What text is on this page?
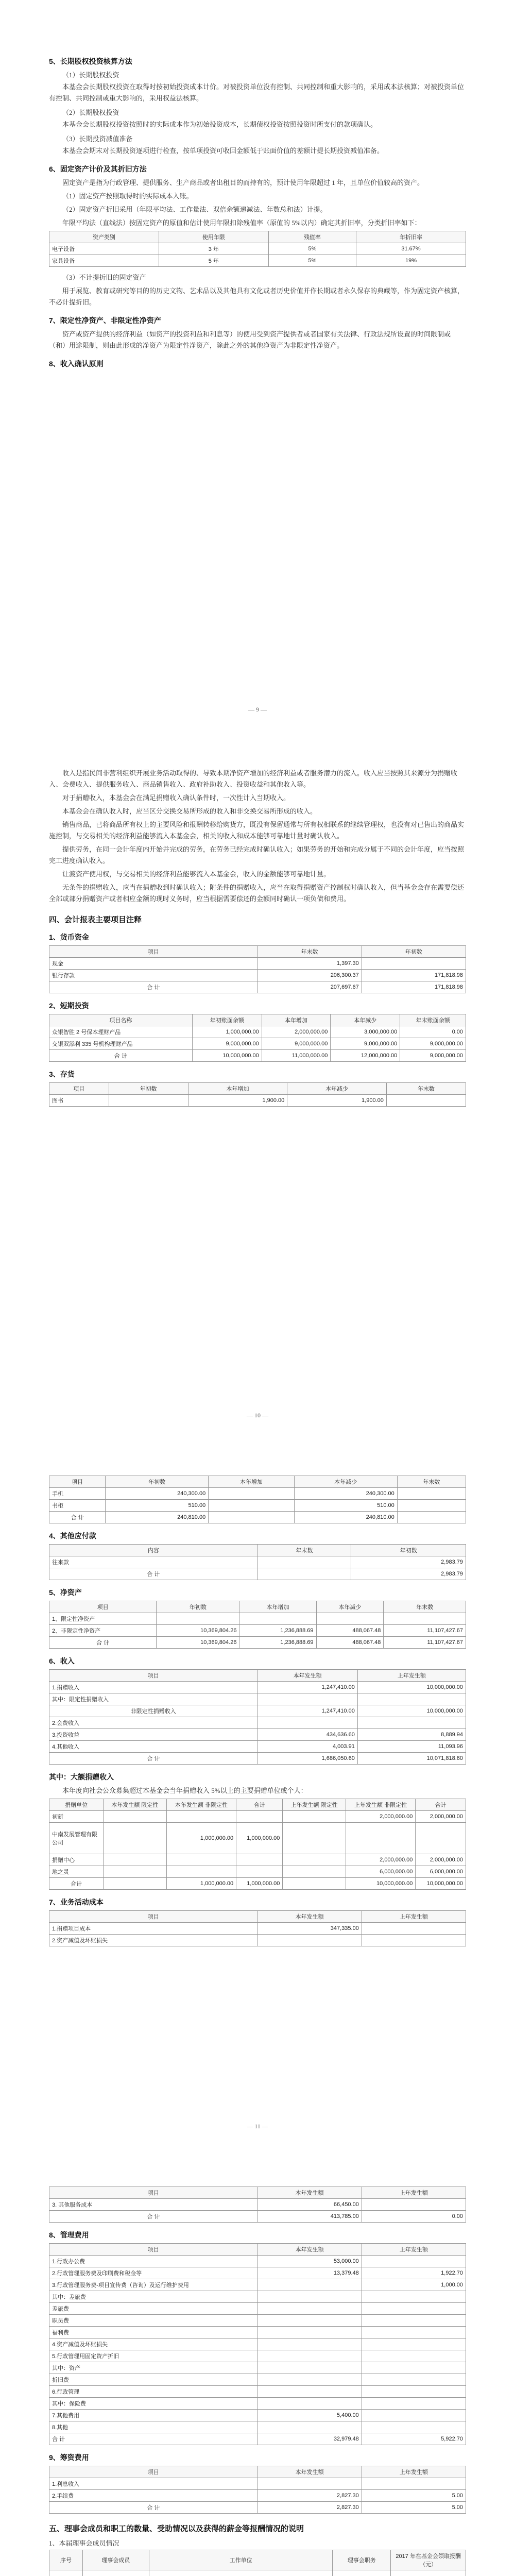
5、长期股权投资核算方法
（1）长期股权投资

本基金会长期股权投资在取得时按初始投资成本计价。对被投资单位没有控制、共同控制和重大影响的，采用成本法核算；对被投资单位有控制、共同控制或重大影响的，采用权益法核算。

（2）长期股权投资

本基金会长期股权投资按照时的实际成本作为初始投资成本，长期债权投资按照投资时所支付的款项确认。

（3）长期投资减值准备

本基金会期末对长期投资逐项进行检查，按单项投资可收回金额低于账面价值的差额计提长期投资减值准备。

6、固定资产计价及其折旧方法

固定资产是指为行政管理、提供服务、生产商品或者出租目的而持有的，预计使用年限超过 1 年，且单位价值较高的资产。

（1）固定资产按照取得时的实际成本入账。

（2）固定资产折旧采用（年限平均法、工作量法、双倍余额递减法、年数总和法）计提。

年限平均法（直线法）按固定资产的原值和估计使用年限扣除残值率（原值的 5%以内）确定其折旧率，分类折旧率如下：

资产类别	使用年限	残值率	年折旧率
电子设备	3 年	5%	31.67%
家具设备	5 年	5%	19%

（3）不计提折旧的固定资产

用于展览、教育或研究等目的的历史文物、艺术品以及其他具有文化或者历史价值并作长期或者永久保存的典藏等，作为固定资产核算，不必计提折旧。

7、限定性净资产、非限定性净资产

资产或资产提供的经济利益（如资产的投资利益和利息等）的使用受到资产提供者或者国家有关法律、行政法规所设置的时间限制或（和）用途限制，则由此形成的净资产为限定性净资产，除此之外的其他净资产为非限定性净资产。

8、收入确认原则
— 9 —

收入是指民间非营利组织开展业务活动取得的、导致本期净资产增加的经济利益或者服务潜力的流入。收入应当按照其来源分为捐赠收入、会费收入、提供服务收入、商品销售收入、政府补助收入、投资收益和其他收入等。

对于捐赠收入，本基金会在满足捐赠收入确认条件时，一次性计入当期收入。

本基金会在确认收入时，应当区分交换交易所形成的收入和非交换交易所形成的收入。

销售商品，已将商品所有权上的主要风险和报酬转移给购货方，既没有保留通常与所有权相联系的继续管理权，也没有对已售出的商品实施控制，与交易相关的经济利益能够流入本基金会，相关的收入和成本能够可靠地计量时确认收入。

提供劳务，在同一会计年度内开始并完成的劳务，在劳务已经完成时确认收入；如果劳务的开始和完成分属于不同的会计年度，应当按照完工进度确认收入。

让渡资产使用权，与交易相关的经济利益能够流入本基金会，收入的金额能够可靠地计量。

无条件的捐赠收入，应当在捐赠收到时确认收入；附条件的捐赠收入，应当在取得捐赠资产控制权时确认收入，但当基金会存在需要偿还全部或部分捐赠资产或者相应金额的现时义务时，应当根据需要偿还的金额同时确认一项负债和费用。

四、会计报表主要项目注释
1、货币资金
项目	年末数	年初数
现金	1,397.30	
银行存款	206,300.37	171,818.98
合 计	207,697.67	171,818.98
2、短期投资
项目名称	年初账面余额	本年增加	本年减少	年末账面余额
众银智胜 2 号保本理财产品	1,000,000.00	2,000,000.00	3,000,000.00	0.00
交银双添利 335 号机构理财产品	9,000,000.00	9,000,000.00	9,000,000.00	9,000,000.00
合 计	10,000,000.00	11,000,000.00	12,000,000.00	9,000,000.00
3、存货
项目	年初数	本年增加	本年减少	年末数
图书		1,900.00	1,900.00	
— 10 —
项目	年初数	本年增加	本年减少	年末数
手机	240,300.00		240,300.00	
书柜	510.00		510.00	
合 计	240,810.00		240,810.00	
4、其他应付款
内容	年末数	年初数
往来款		2,983.79
合 计		2,983.79
5、净资产
项目	年初数	本年增加	本年减少	年末数
1、限定性净资产				
2、非限定性净资产	10,369,804.26	1,236,888.69	488,067.48	11,107,427.67
合 计	10,369,804.26	1,236,888.69	488,067.48	11,107,427.67
6、收入
项目	本年发生额	上年发生额
1.捐赠收入	1,247,410.00	10,000,000.00
其中：限定性捐赠收入		
非限定性捐赠收入	1,247,410.00	10,000,000.00
2.会费收入		
3.投资收益	434,636.60	8,889.94
4.其他收入	4,003.91	11,093.96
合 计	1,686,050.60	10,071,818.60
其中：大额捐赠收入

本年度向社会公众募集超过本基金会当年捐赠收入 5%以上的主要捐赠单位或个人：

捐赠单位	本年发生额 限定性	本年发生额 非限定性	合计	上年发生额 限定性	上年发生额 非限定性	合计
初新					2,000,000.00	2,000,000.00
中南发展管理有限公司		1,000,000.00	1,000,000.00			
捐赠中心					2,000,000.00	2,000,000.00
地之灵					6,000,000.00	6,000,000.00
合计		1,000,000.00	1,000,000.00		10,000,000.00	10,000,000.00
7、业务活动成本
项目	本年发生额	上年发生额
1.捐赠项目成本	347,335.00	
2.资产减值及坏账损失		
— 11 —
项目	本年发生额	上年发生额
3. 其他服务成本	66,450.00	
合 计	413,785.00	0.00
8、管理费用
项目	本年发生额	上年发生额
1.行政办公费	53,000.00	
2.行政管理服务费及印刷费和税金等	13,379.48	1,922.70
3.行政管理服务费-项目宣传费（咨询）及运行维护费用		1,000.00
其中：差旅费		
差旅费		
职员费		
福利费		
4.资产减值及坏账损失		
5.行政管理用固定资产折旧		
其中：资产		
折旧费		
6.行政管理		
其中：保险费		
7.其他费用	5,400.00	
8.其他		
合 计	32,979.48	5,922.70
9、筹资费用
项目	本年发生额	上年发生额
1.利息收入		
2.手续费	2,827.30	5.00
合 计	2,827.30	5.00
五、理事会成员和职工的数量、受助情况以及获得的薪金等报酬情况的说明
1、本届理事会成员情况
序号	理事会成员	工作单位	理事会职务	2017 年在基金会领取报酬（元）
